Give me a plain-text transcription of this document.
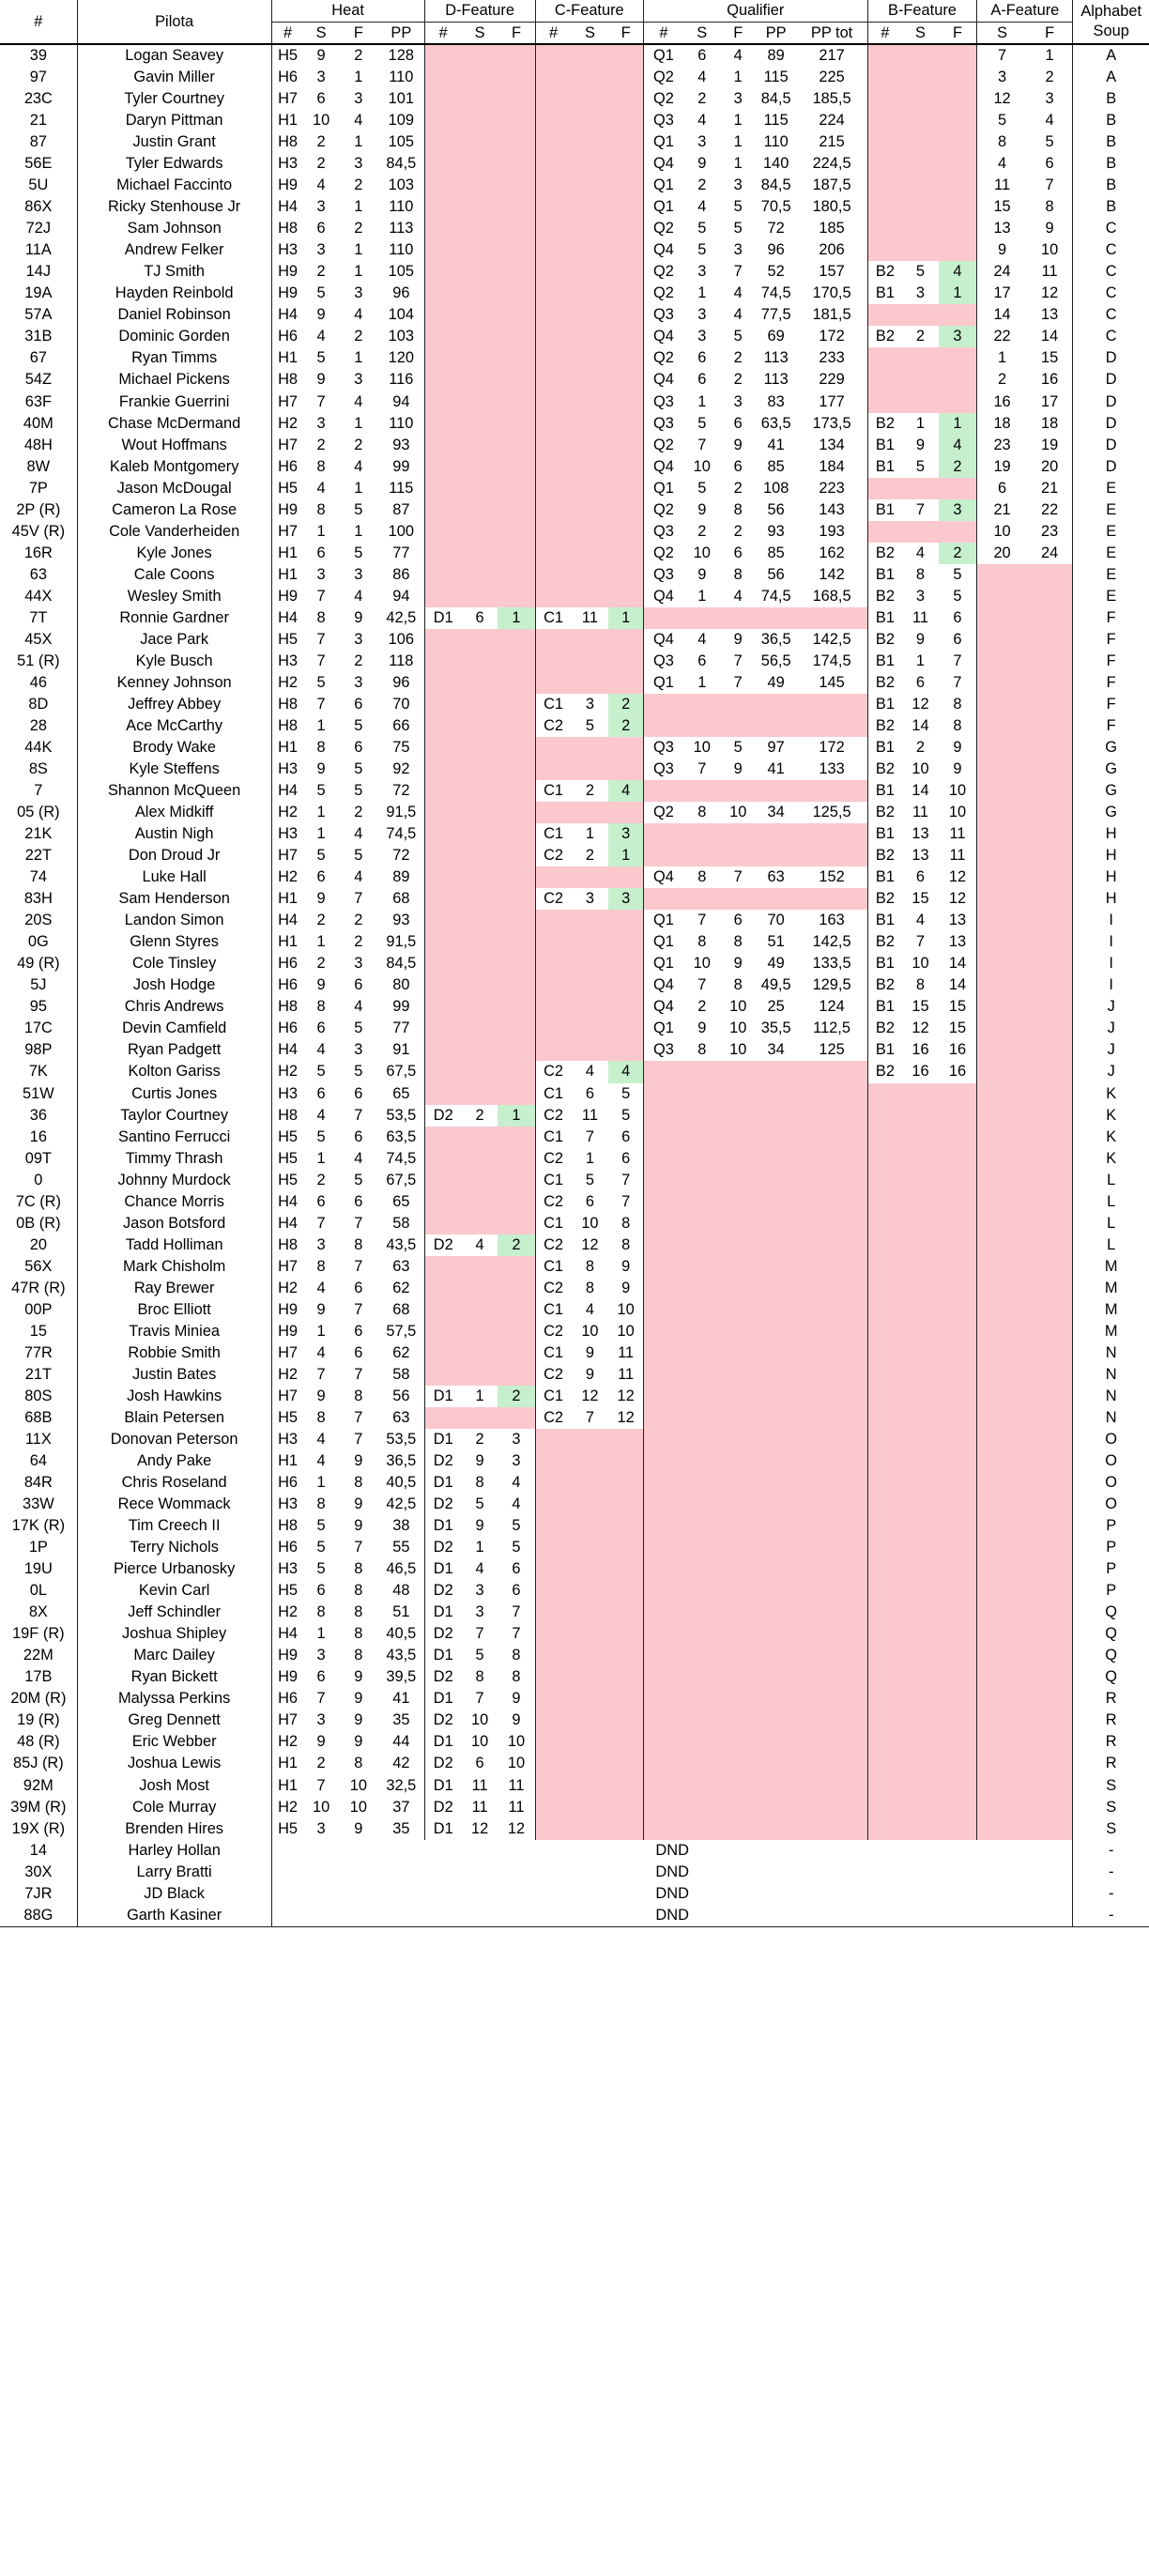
#	Pilota	Heat				D-Feature			C-Feature			Qualifier					B-Feature			A-Feature		Alphabet Soup
		#	S	F	PP	#	S	F	#	S	F	#	S	F	PP	PP tot	#	S	F	S	F	
39	Logan Seavey	H5	9	2	128							Q1	6	4	89	217				7	1	A
97	Gavin Miller	H6	3	1	110							Q2	4	1	115	225				3	2	A
23C	Tyler Courtney	H7	6	3	101							Q2	2	3	84,5	185,5				12	3	B
21	Daryn Pittman	H1	10	4	109							Q3	4	1	115	224				5	4	B
87	Justin Grant	H8	2	1	105							Q1	3	1	110	215				8	5	B
56E	Tyler Edwards	H3	2	3	84,5							Q4	9	1	140	224,5				4	6	B
5U	Michael Faccinto	H9	4	2	103							Q1	2	3	84,5	187,5				11	7	B
86X	Ricky Stenhouse Jr	H4	3	1	110							Q1	4	5	70,5	180,5				15	8	B
72J	Sam Johnson	H8	6	2	113							Q2	5	5	72	185				13	9	C
11A	Andrew Felker	H3	3	1	110							Q4	5	3	96	206				9	10	C
14J	TJ Smith	H9	2	1	105							Q2	3	7	52	157	B2	5	4	24	11	C
19A	Hayden Reinbold	H9	5	3	96							Q2	1	4	74,5	170,5	B1	3	1	17	12	C
57A	Daniel Robinson	H4	9	4	104							Q3	3	4	77,5	181,5				14	13	C
31B	Dominic Gorden	H6	4	2	103							Q4	3	5	69	172	B2	2	3	22	14	C
67	Ryan Timms	H1	5	1	120							Q2	6	2	113	233				1	15	D
54Z	Michael Pickens	H8	9	3	116							Q4	6	2	113	229				2	16	D
63F	Frankie Guerrini	H7	7	4	94							Q3	1	3	83	177				16	17	D
40M	Chase McDermand	H2	3	1	110							Q3	5	6	63,5	173,5	B2	1	1	18	18	D
48H	Wout Hoffmans	H7	2	2	93							Q2	7	9	41	134	B1	9	4	23	19	D
8W	Kaleb Montgomery	H6	8	4	99							Q4	10	6	85	184	B1	5	2	19	20	D
7P	Jason McDougal	H5	4	1	115							Q1	5	2	108	223				6	21	E
2P (R)	Cameron La Rose	H9	8	5	87							Q2	9	8	56	143	B1	7	3	21	22	E
45V (R)	Cole Vanderheiden	H7	1	1	100							Q3	2	2	93	193				10	23	E
16R	Kyle Jones	H1	6	5	77							Q2	10	6	85	162	B2	4	2	20	24	E
63	Cale Coons	H1	3	3	86							Q3	9	8	56	142	B1	8	5			E
44X	Wesley Smith	H9	7	4	94							Q4	1	4	74,5	168,5	B2	3	5			E
7T	Ronnie Gardner	H4	8	9	42,5	D1	6	1	C1	11	1						B1	11	6			F
45X	Jace Park	H5	7	3	106							Q4	4	9	36,5	142,5	B2	9	6			F
51 (R)	Kyle Busch	H3	7	2	118							Q3	6	7	56,5	174,5	B1	1	7			F
46	Kenney Johnson	H2	5	3	96							Q1	1	7	49	145	B2	6	7			F
8D	Jeffrey Abbey	H8	7	6	70				C1	3	2						B1	12	8			F
28	Ace McCarthy	H8	1	5	66				C2	5	2						B2	14	8			F
44K	Brody Wake	H1	8	6	75							Q3	10	5	97	172	B1	2	9			G
8S	Kyle Steffens	H3	9	5	92							Q3	7	9	41	133	B2	10	9			G
7	Shannon McQueen	H4	5	5	72				C1	2	4						B1	14	10			G
05 (R)	Alex Midkiff	H2	1	2	91,5							Q2	8	10	34	125,5	B2	11	10			G
21K	Austin Nigh	H3	1	4	74,5				C1	1	3						B1	13	11			H
22T	Don Droud Jr	H7	5	5	72				C2	2	1						B2	13	11			H
74	Luke Hall	H2	6	4	89							Q4	8	7	63	152	B1	6	12			H
83H	Sam Henderson	H1	9	7	68				C2	3	3						B2	15	12			H
20S	Landon Simon	H4	2	2	93							Q1	7	6	70	163	B1	4	13			I
0G	Glenn Styres	H1	1	2	91,5							Q1	8	8	51	142,5	B2	7	13			I
49 (R)	Cole Tinsley	H6	2	3	84,5							Q1	10	9	49	133,5	B1	10	14			I
5J	Josh Hodge	H6	9	6	80							Q4	7	8	49,5	129,5	B2	8	14			I
95	Chris Andrews	H8	8	4	99							Q4	2	10	25	124	B1	15	15			J
17C	Devin Camfield	H6	6	5	77							Q1	9	10	35,5	112,5	B2	12	15			J
98P	Ryan Padgett	H4	4	3	91							Q3	8	10	34	125	B1	16	16			J
7K	Kolton Gariss	H2	5	5	67,5				C2	4	4						B2	16	16			J
51W	Curtis Jones	H3	6	6	65				C1	6	5											K
36	Taylor Courtney	H8	4	7	53,5	D2	2	1	C2	11	5											K
16	Santino Ferrucci	H5	5	6	63,5				C1	7	6											K
09T	Timmy Thrash	H5	1	4	74,5				C2	1	6											K
0	Johnny Murdock	H5	2	5	67,5				C1	5	7											L
7C (R)	Chance Morris	H4	6	6	65				C2	6	7											L
0B (R)	Jason Botsford	H4	7	7	58				C1	10	8											L
20	Tadd Holliman	H8	3	8	43,5	D2	4	2	C2	12	8											L
56X	Mark Chisholm	H7	8	7	63				C1	8	9											M
47R (R)	Ray Brewer	H2	4	6	62				C2	8	9											M
00P	Broc Elliott	H9	9	7	68				C1	4	10											M
15	Travis Miniea	H9	1	6	57,5				C2	10	10											M
77R	Robbie Smith	H7	4	6	62				C1	9	11											N
21T	Justin Bates	H2	7	7	58				C2	9	11											N
80S	Josh Hawkins	H7	9	8	56	D1	1	2	C1	12	12											N
68B	Blain Petersen	H5	8	7	63				C2	7	12											N
11X	Donovan Peterson	H3	4	7	53,5	D1	2	3														O
64	Andy Pake	H1	4	9	36,5	D2	9	3														O
84R	Chris Roseland	H6	1	8	40,5	D1	8	4														O
33W	Rece Wommack	H3	8	9	42,5	D2	5	4														O
17K (R)	Tim Creech II	H8	5	9	38	D1	9	5														P
1P	Terry Nichols	H6	5	7	55	D2	1	5														P
19U	Pierce Urbanosky	H3	5	8	46,5	D1	4	6														P
0L	Kevin Carl	H5	6	8	48	D2	3	6														P
8X	Jeff Schindler	H2	8	8	51	D1	3	7														Q
19F (R)	Joshua Shipley	H4	1	8	40,5	D2	7	7														Q
22M	Marc Dailey	H9	3	8	43,5	D1	5	8														Q
17B	Ryan Bickett	H9	6	9	39,5	D2	8	8														Q
20M (R)	Malyssa Perkins	H6	7	9	41	D1	7	9														R
19 (R)	Greg Dennett	H7	3	9	35	D2	10	9														R
48 (R)	Eric Webber	H2	9	9	44	D1	10	10														R
85J (R)	Joshua Lewis	H1	2	8	42	D2	6	10														R
92M	Josh Most	H1	7	10	32,5	D1	11	11														S
39M (R)	Cole Murray	H2	10	10	37	D2	11	11														S
19X (R)	Brenden Hires	H5	3	9	35	D1	12	12														S
14	Harley Hollan	DND																				-
30X	Larry Bratti	DND																				-
7JR	JD Black	DND																				-
88G	Garth Kasiner	DND																				-
